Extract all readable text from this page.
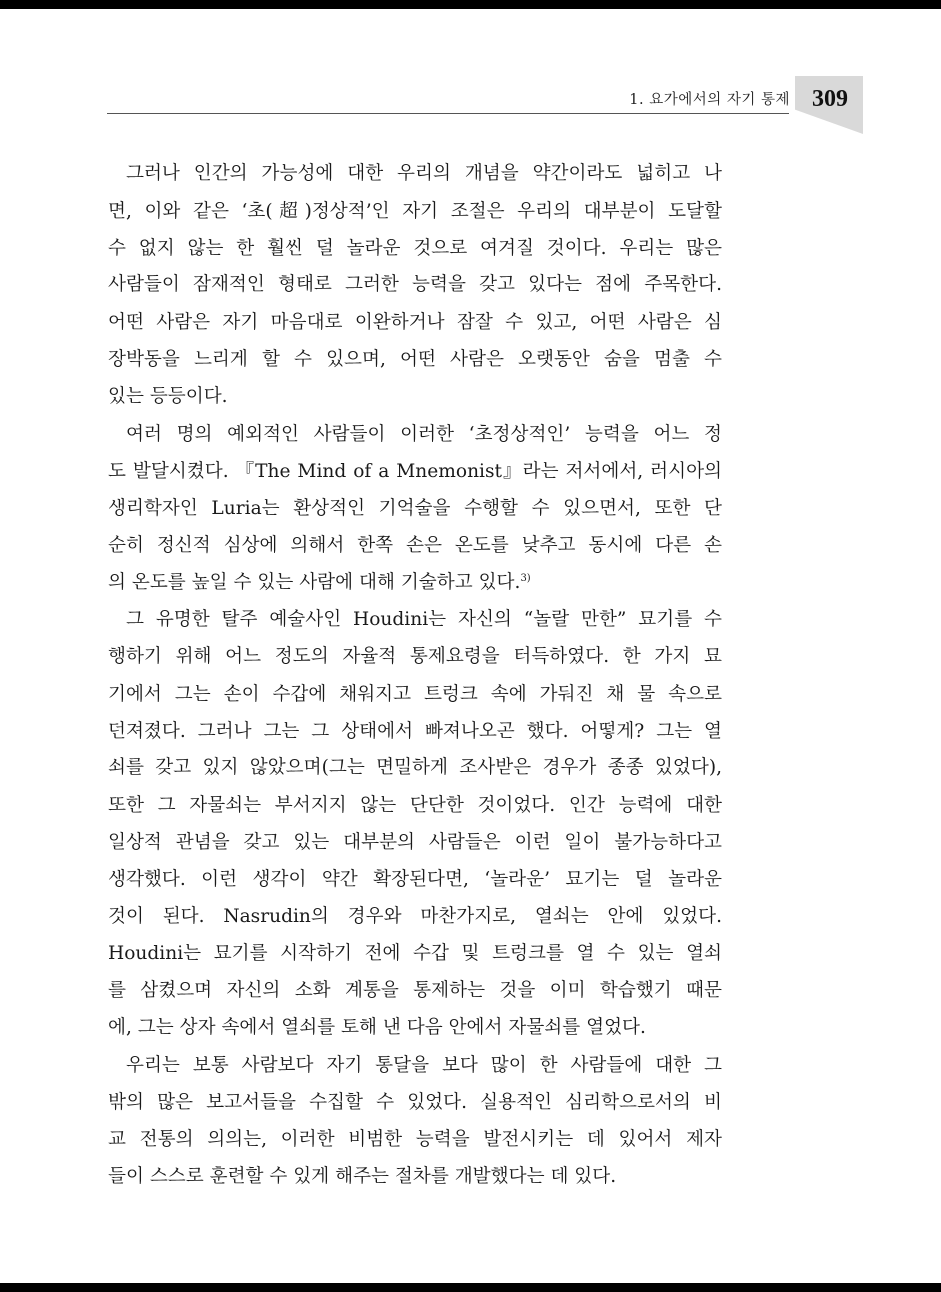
1. 요가에서의 자기 통제 309
그러나 인간의 가능성에 대한 우리의 개념을 약간이라도 넓히고 나
면, 이와 같은 ‘초(超)정상적’인 자기 조절은 우리의 대부분이 도달할
수 없지 않는 한 훨씬 덜 놀라운 것으로 여겨질 것이다. 우리는 많은
사람들이 잠재적인 형태로 그러한 능력을 갖고 있다는 점에 주목한다.
어떤 사람은 자기 마음대로 이완하거나 잠잘 수 있고, 어떤 사람은 심
장박동을 느리게 할 수 있으며, 어떤 사람은 오랫동안 숨을 멈출 수
있는 등등이다.
여러 명의 예외적인 사람들이 이러한 ‘초정상적인’ 능력을 어느 정
도 발달시켰다. 『The Mind of a Mnemonist』라는 저서에서, 러시아의
생리학자인 Luria는 환상적인 기억술을 수행할 수 있으면서, 또한 단
순히 정신적 심상에 의해서 한쪽 손은 온도를 낮추고 동시에 다른 손
의 온도를 높일 수 있는 사람에 대해 기술하고 있다.$^{3)}$
그 유명한 탈주 예술사인 Houdini는 자신의 “놀랄 만한” 묘기를 수
행하기 위해 어느 정도의 자율적 통제요령을 터득하였다. 한 가지 묘
기에서 그는 손이 수갑에 채워지고 트렁크 속에 가둬진 채 물 속으로
던져졌다. 그러나 그는 그 상태에서 빠져나오곤 했다. 어떻게? 그는 열
쇠를 갖고 있지 않았으며(그는 면밀하게 조사받은 경우가 종종 있었다),
또한 그 자물쇠는 부서지지 않는 단단한 것이었다. 인간 능력에 대한
일상적 관념을 갖고 있는 대부분의 사람들은 이런 일이 불가능하다고
생각했다. 이런 생각이 약간 확장된다면, ‘놀라운’ 묘기는 덜 놀라운
것이 된다. Nasrudin의 경우와 마찬가지로, 열쇠는 안에 있었다.
Houdini는 묘기를 시작하기 전에 수갑 및 트렁크를 열 수 있는 열쇠
를 삼켰으며 자신의 소화 계통을 통제하는 것을 이미 학습했기 때문
에, 그는 상자 속에서 열쇠를 토해 낸 다음 안에서 자물쇠를 열었다.
우리는 보통 사람보다 자기 통달을 보다 많이 한 사람들에 대한 그
밖의 많은 보고서들을 수집할 수 있었다. 실용적인 심리학으로서의 비
교 전통의 의의는, 이러한 비범한 능력을 발전시키는 데 있어서 제자
들이 스스로 훈련할 수 있게 해주는 절차를 개발했다는 데 있다.
